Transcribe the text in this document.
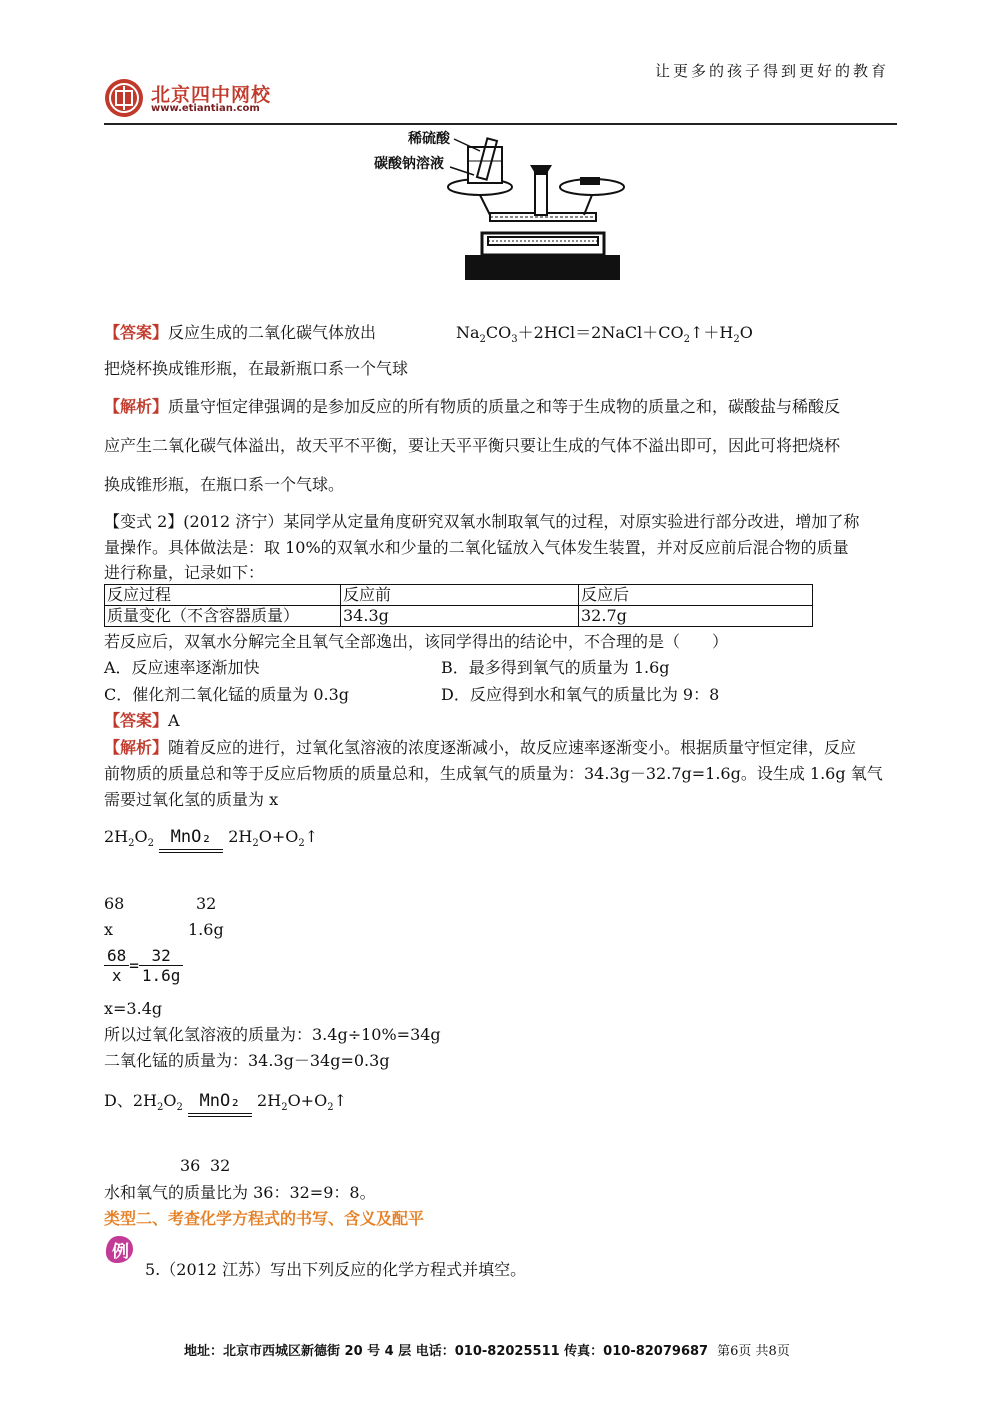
让更多的孩子得到更好的教育
北京四中网校
www.etiantian.com
稀硫酸
碳酸钠溶液
【答案】反应生成的二氧化碳气体放出	$Na_2CO_3+2HCl=2NaCl+CO_2↑+H_2O$
把烧杯换成锥形瓶，在最新瓶口系一个气球
【解析】质量守恒定律强调的是参加反应的所有物质的质量之和等于生成物的质量之和，碳酸盐与稀酸反
应产生二氧化碳气体溢出，故天平不平衡，要让天平平衡只要让生成的气体不溢出即可，因此可将把烧杯
换成锥形瓶，在瓶口系一个气球。
【变式 2】(2012 济宁）某同学从定量角度研究双氧水制取氧气的过程，对原实验进行部分改进，增加了称
量操作。具体做法是：取 10%的双氧水和少量的二氧化锰放入气体发生装置，并对反应前后混合物的质量
进行称量，记录如下：
反应过程	反应前	反应后
质量变化（不含容器质量）	34.3g	32.7g
若反应后，双氧水分解完全且氧气全部逸出，该同学得出的结论中，不合理的是（　　）
A．反应速率逐渐加快	B．最多得到氧气的质量为 1.6g
C．催化剂二氧化锰的质量为 0.3g	D．反应得到水和氧气的质量比为 9：8
【答案】A
【解析】随着反应的进行，过氧化氢溶液的浓度逐渐减小，故反应速率逐渐变小。根据质量守恒定律，反应
前物质的质量总和等于反应后物质的质量总和，生成氧气的质量为：34.3g－32.7g=1.6g。设生成 1.6g 氧气
需要过氧化氢的质量为 x
$2H_2O_2$ MnO₂ $2H_2O+O_2↑$
68	32
x	1.6g
$\frac{68}{x} = \frac{32}{1.6g}$
x=3.4g
所以过氧化氢溶液的质量为：3.4g÷10%=34g
二氧化锰的质量为：34.3g－34g=0.3g
D、$2H_2O_2$ MnO₂ $2H_2O+O_2↑$
36 32
水和氧气的质量比为 36：32=9：8。
类型二、考查化学方程式的书写、含义及配平
例
5.（2012 江苏）写出下列反应的化学方程式并填空。
地址：北京市西城区新德街 20 号 4 层 电话：010-82025511 传真：010-82079687 第6页 共8页
